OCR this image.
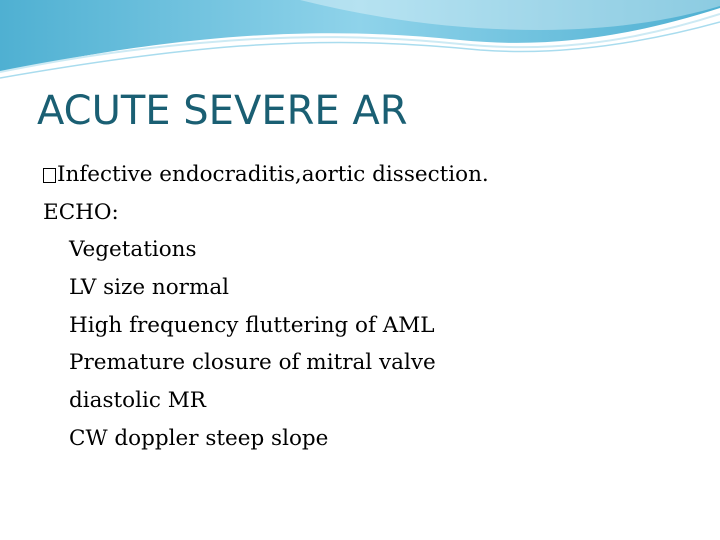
ACUTE SEVERE AR
Infective endocraditis,aortic dissection.
ECHO:
Vegetations
LV size normal
High frequency fluttering of AML
Premature closure of mitral valve
diastolic MR
CW doppler steep slope
